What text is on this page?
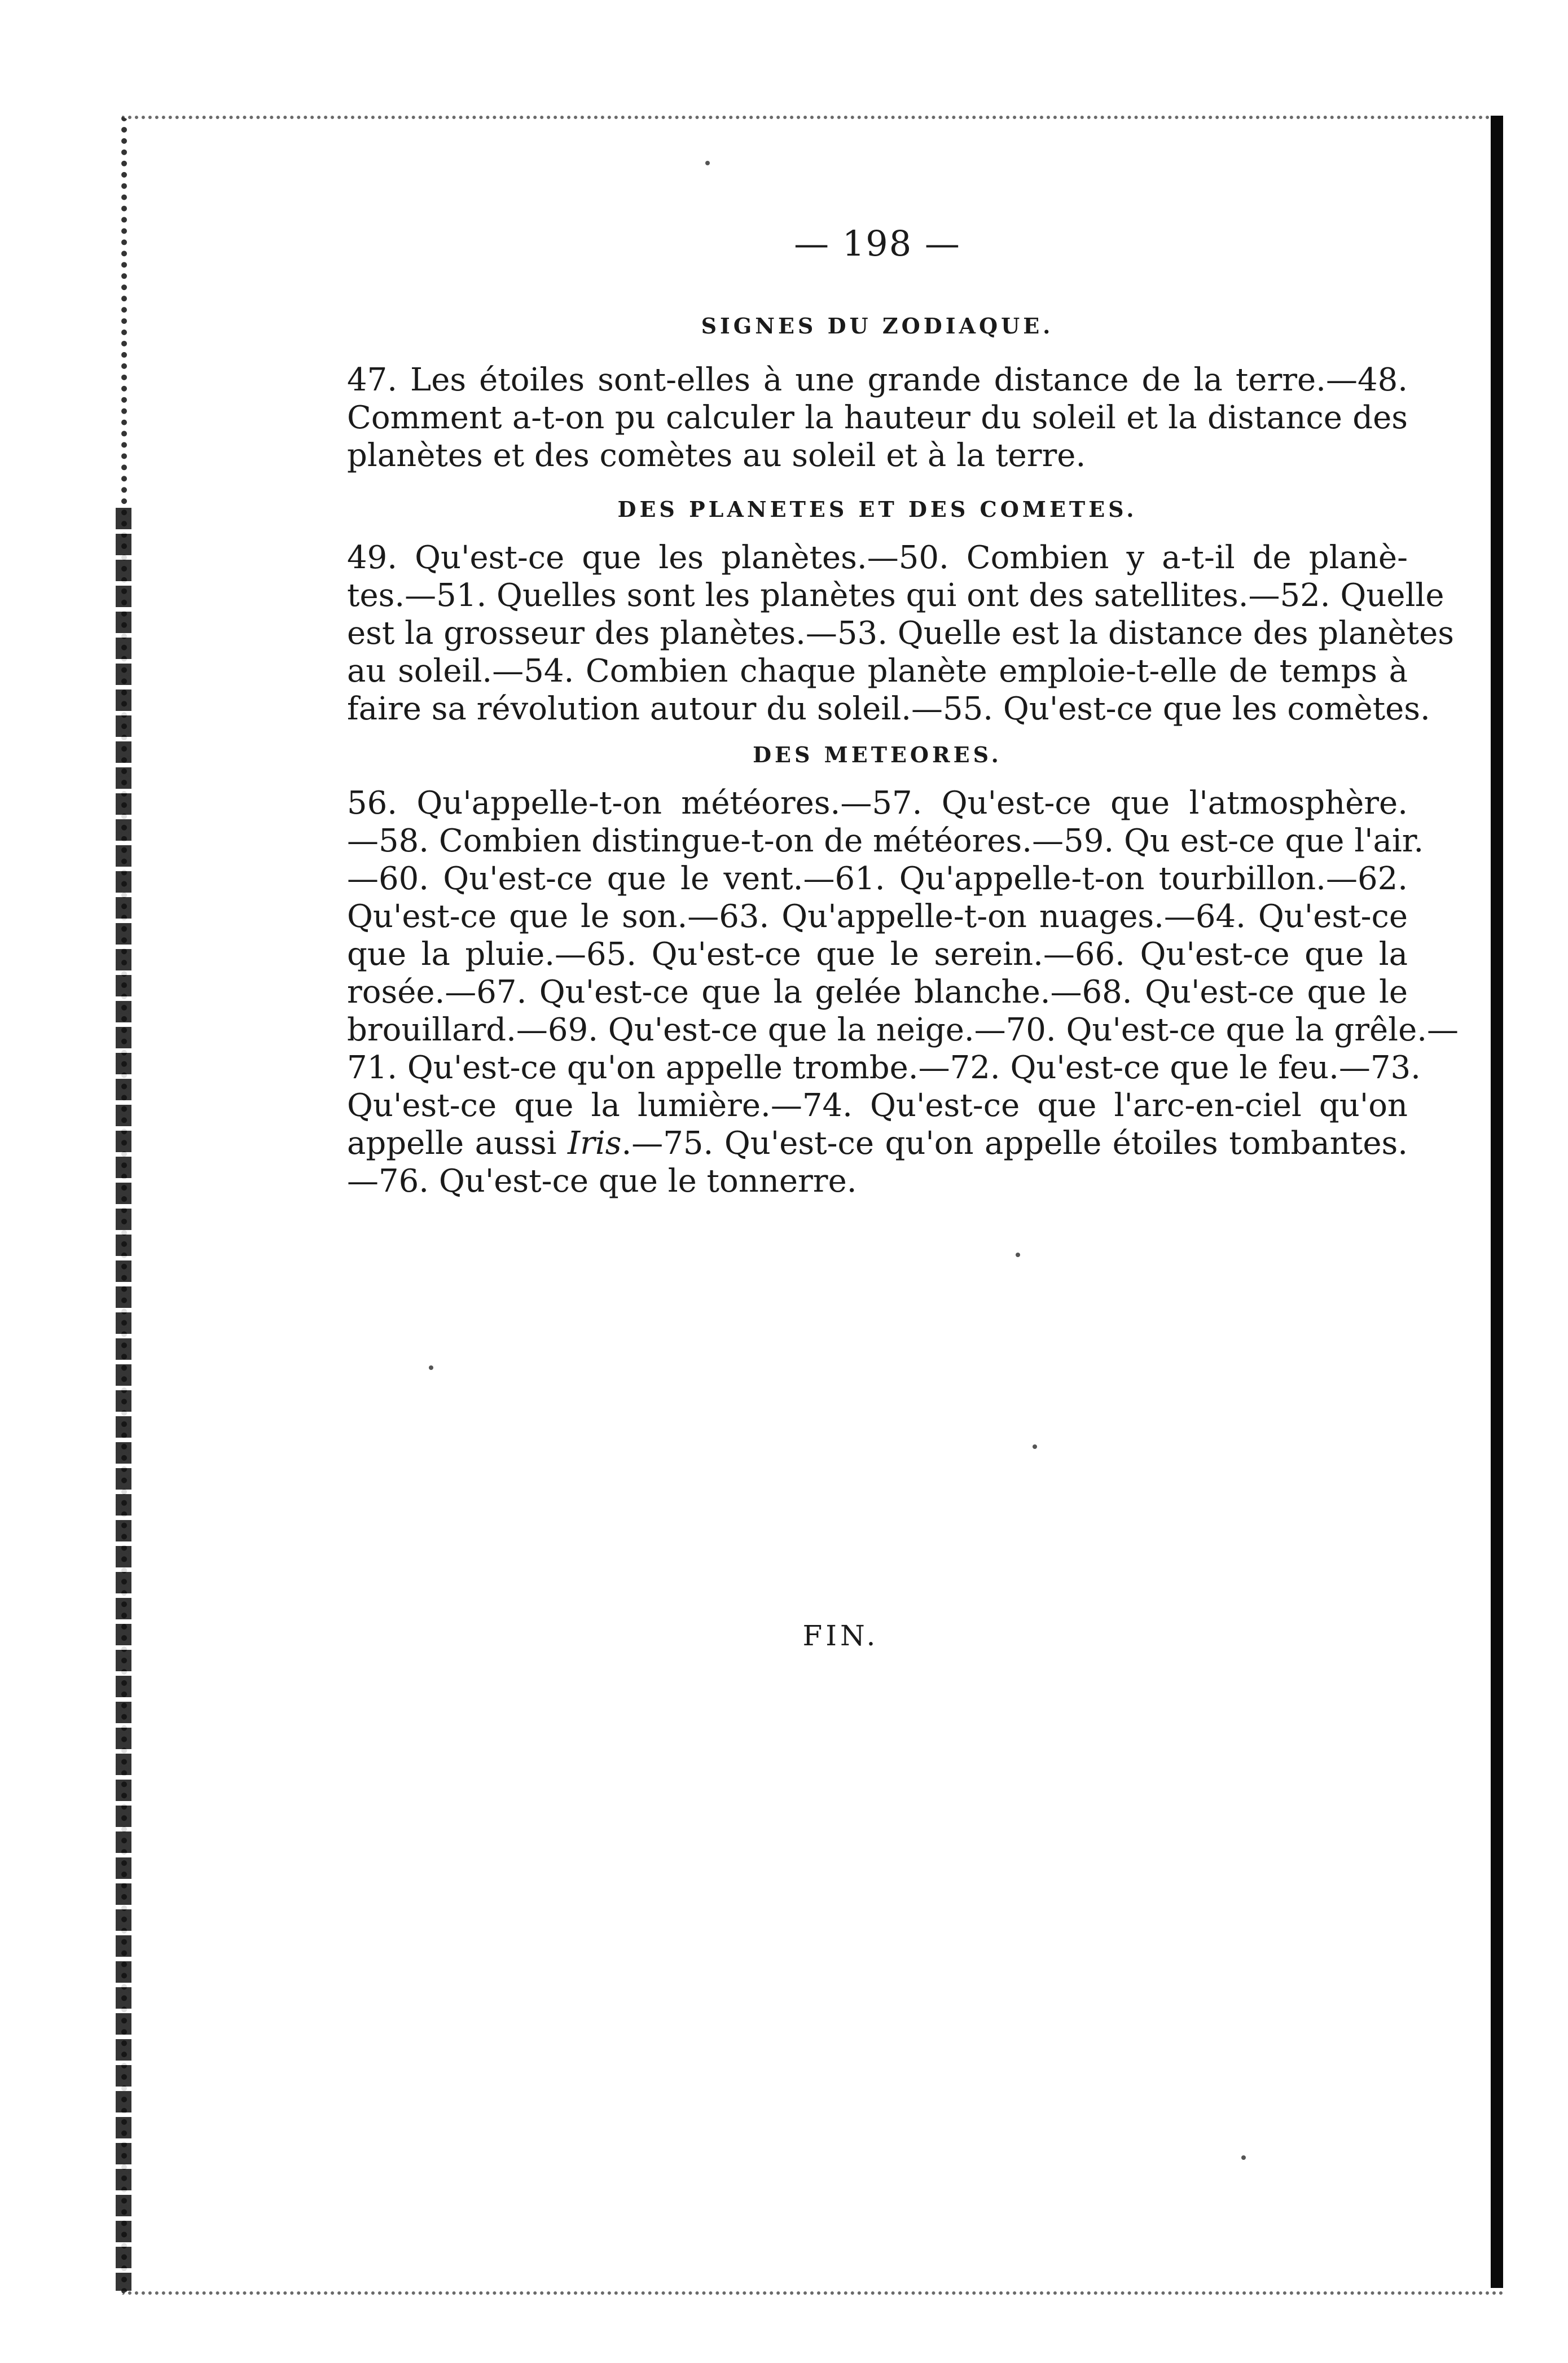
— 198 —
SIGNES DU ZODIAQUE.
47. Les étoiles sont-elles à une grande distance de la terre.—48.
Comment a-t-on pu calculer la hauteur du soleil et la distance des
planètes et des comètes au soleil et à la terre.
DES PLANETES ET DES COMETES.
49. Qu'est-ce que les planètes.—50. Combien y a-t-il de planè-
tes.—51. Quelles sont les planètes qui ont des satellites.—52. Quelle
est la grosseur des planètes.—53. Quelle est la distance des planètes
au soleil.—54. Combien chaque planète emploie-t-elle de temps à
faire sa révolution autour du soleil.—55. Qu'est-ce que les comètes.
DES METEORES.
56. Qu'appelle-t-on météores.—57. Qu'est-ce que l'atmosphère.
—58. Combien distingue-t-on de météores.—59. Qu est-ce que l'air.
—60. Qu'est-ce que le vent.—61. Qu'appelle-t-on tourbillon.—62.
Qu'est-ce que le son.—63. Qu'appelle-t-on nuages.—64. Qu'est-ce
que la pluie.—65. Qu'est-ce que le serein.—66. Qu'est-ce que la
rosée.—67. Qu'est-ce que la gelée blanche.—68. Qu'est-ce que le
brouillard.—69. Qu'est-ce que la neige.—70. Qu'est-ce que la grêle.—
71. Qu'est-ce qu'on appelle trombe.—72. Qu'est-ce que le feu.—73.
Qu'est-ce que la lumière.—74. Qu'est-ce que l'arc-en-ciel qu'on
appelle aussi Iris.—75. Qu'est-ce qu'on appelle étoiles tombantes.
—76. Qu'est-ce que le tonnerre.
FIN.
